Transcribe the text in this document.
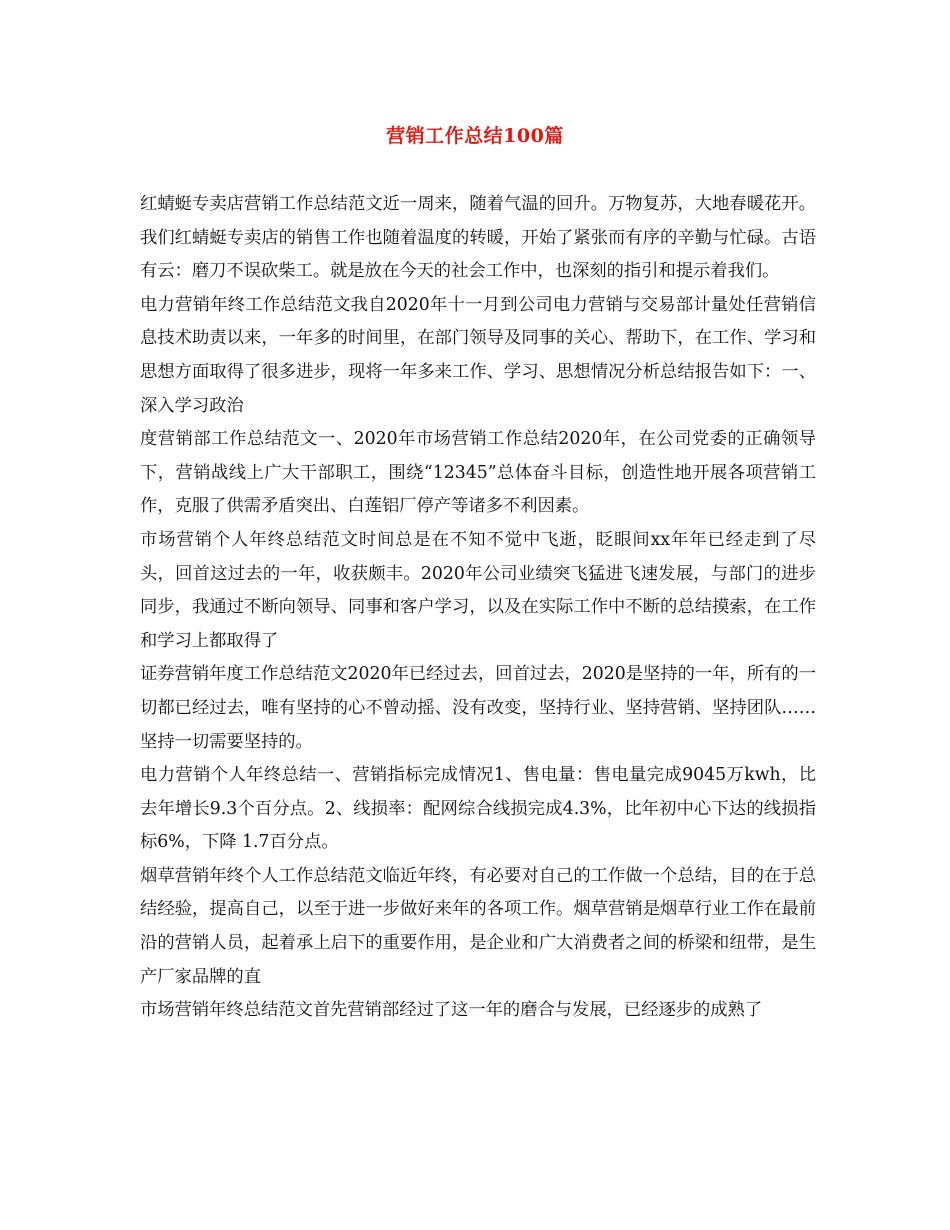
营销工作总结100篇

红蜻蜓专卖店营销工作总结范文近一周来，随着气温的回升。万物复苏，大地春暖花开。我们红蜻蜓专卖店的销售工作也随着温度的转暖，开始了紧张而有序的辛勤与忙碌。古语有云：磨刀不误砍柴工。就是放在今天的社会工作中，也深刻的指引和提示着我们。

电力营销年终工作总结范文我自2020年十一月到公司电力营销与交易部计量处任营销信息技术助责以来，一年多的时间里，在部门领导及同事的关心、帮助下，在工作、学习和思想方面取得了很多进步，现将一年多来工作、学习、思想情况分析总结报告如下：一、深入学习政治

度营销部工作总结范文一、2020年市场营销工作总结2020年，在公司党委的正确领导下，营销战线上广大干部职工，围绕“12345”总体奋斗目标，创造性地开展各项营销工作，克服了供需矛盾突出、白莲铝厂停产等诸多不利因素。

市场营销个人年终总结范文时间总是在不知不觉中飞逝，眨眼间xx年年已经走到了尽头，回首这过去的一年，收获颇丰。2020年公司业绩突飞猛进飞速发展，与部门的进步同步，我通过不断向领导、同事和客户学习，以及在实际工作中不断的总结摸索，在工作和学习上都取得了

证券营销年度工作总结范文2020年已经过去，回首过去，2020是坚持的一年，所有的一切都已经过去，唯有坚持的心不曾动摇、没有改变，坚持行业、坚持营销、坚持团队……坚持一切需要坚持的。

电力营销个人年终总结一、营销指标完成情况1、售电量：售电量完成9045万kwh，比去年增长9.3个百分点。2、线损率：配网综合线损完成4.3%，比年初中心下达的线损指标6%，下降 1.7百分点。

烟草营销年终个人工作总结范文临近年终，有必要对自己的工作做一个总结，目的在于总结经验，提高自己，以至于进一步做好来年的各项工作。烟草营销是烟草行业工作在最前沿的营销人员，起着承上启下的重要作用，是企业和广大消费者之间的桥梁和纽带，是生产厂家品牌的直

市场营销年终总结范文首先营销部经过了这一年的磨合与发展，已经逐步的成熟了
